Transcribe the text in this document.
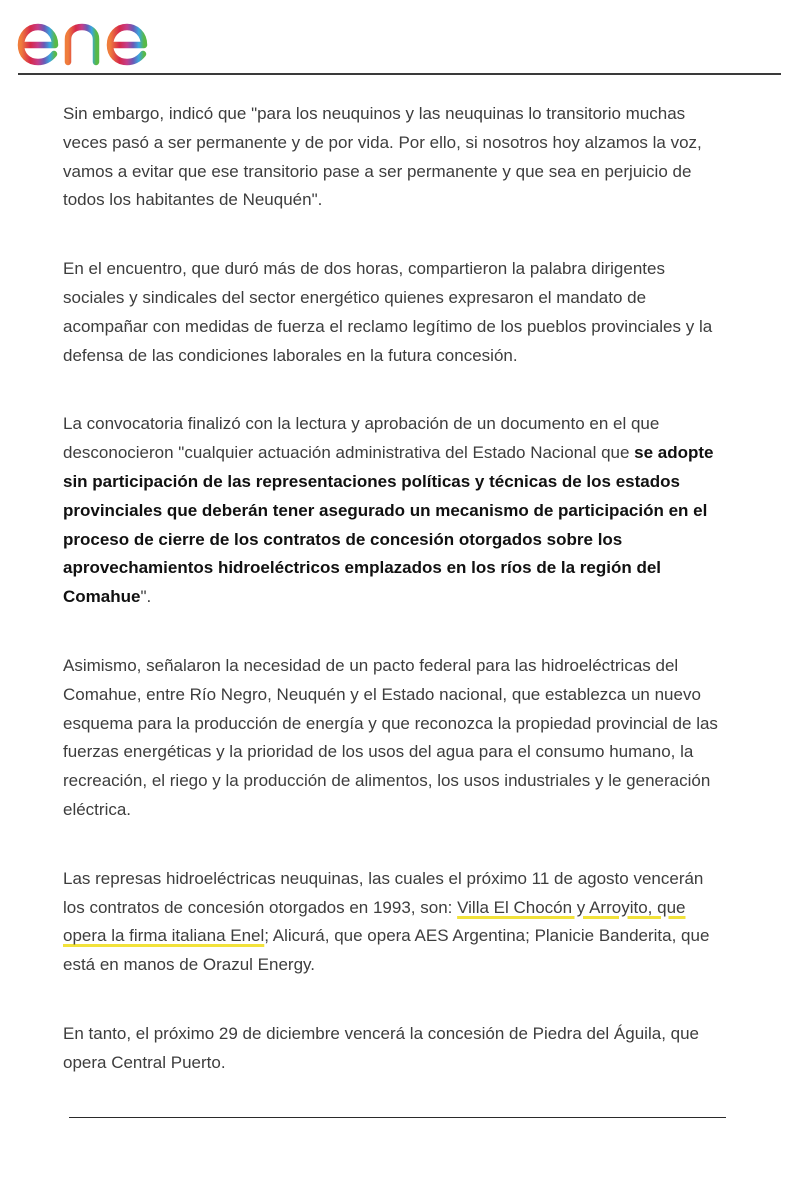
Sin embargo, indicó que "para los neuquinos y las neuquinas lo transitorio muchas veces pasó a ser permanente y de por vida. Por ello, si nosotros hoy alzamos la voz, vamos a evitar que ese transitorio pase a ser permanente y que sea en perjuicio de todos los habitantes de Neuquén".

En el encuentro, que duró más de dos horas, compartieron la palabra dirigentes sociales y sindicales del sector energético quienes expresaron el mandato de acompañar con medidas de fuerza el reclamo legítimo de los pueblos provinciales y la defensa de las condiciones laborales en la futura concesión.

La convocatoria finalizó con la lectura y aprobación de un documento en el que desconocieron "cualquier actuación administrativa del Estado Nacional que se adopte sin participación de las representaciones políticas y técnicas de los estados provinciales que deberán tener asegurado un mecanismo de participación en el proceso de cierre de los contratos de concesión otorgados sobre los aprovechamientos hidroeléctricos emplazados en los ríos de la región del Comahue".

Asimismo, señalaron la necesidad de un pacto federal para las hidroeléctricas del Comahue, entre Río Negro, Neuquén y el Estado nacional, que establezca un nuevo esquema para la producción de energía y que reconozca la propiedad provincial de las fuerzas energéticas y la prioridad de los usos del agua para el consumo humano, la recreación, el riego y la producción de alimentos, los usos industriales y le generación eléctrica.

Las represas hidroeléctricas neuquinas, las cuales el próximo 11 de agosto vencerán los contratos de concesión otorgados en 1993, son: Villa El Chocón y Arroyito, que opera la firma italiana Enel; Alicurá, que opera AES Argentina; Planicie Banderita, que está en manos de Orazul Energy.

En tanto, el próximo 29 de diciembre vencerá la concesión de Piedra del Águila, que opera Central Puerto.
